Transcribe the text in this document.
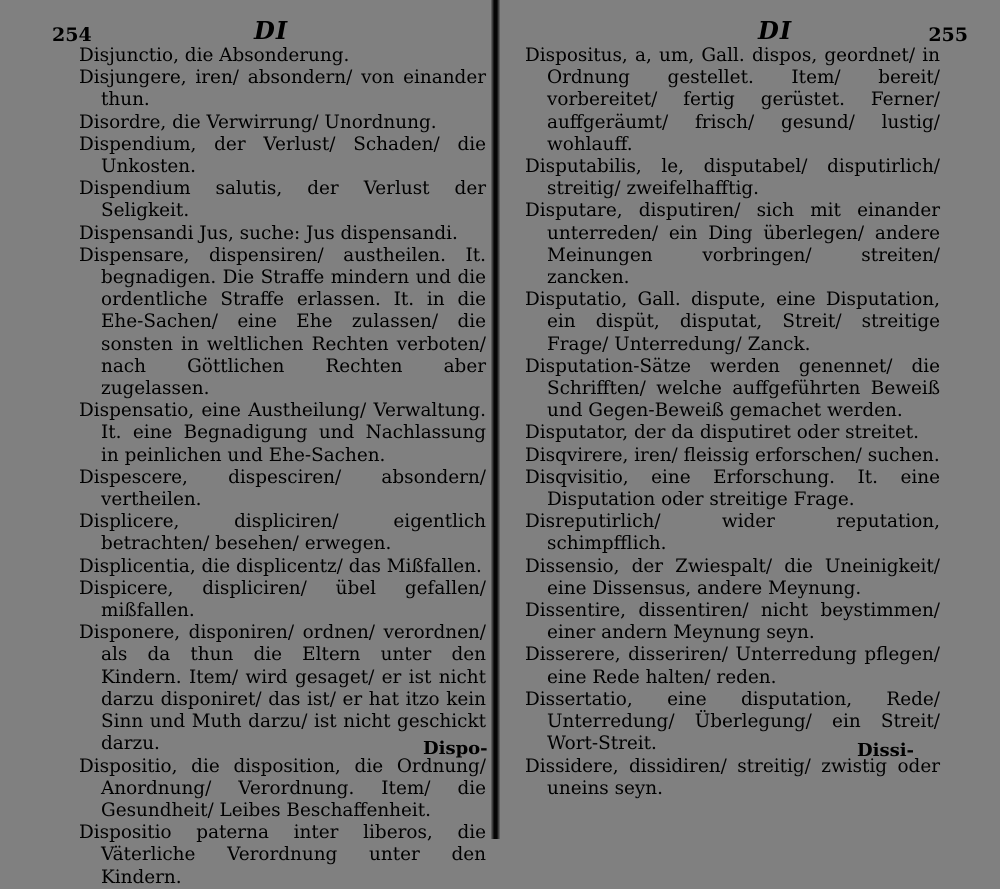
254	DI

Disjunctio, die Absonderung.

Disjungere, iren/ absondern/ von einander thun.

Disordre, die Verwirrung/ Unordnung.

Dispendium, der Verlust/ Schaden/ die Unkosten.

Dispendium salutis, der Verlust der Seligkeit.

Dispensandi Jus, suche: Jus dispensandi.

Dispensare, dispensiren/ austheilen. It. begnadigen. Die Straffe mindern und die ordentliche Straffe erlassen. It. in die Ehe-Sachen/ eine Ehe zulassen/ die sonsten in weltlichen Rechten verboten/ nach Göttlichen Rechten aber zugelassen.

Dispensatio, eine Austheilung/ Verwaltung. It. eine Begnadigung und Nachlassung in peinlichen und Ehe-Sachen.

Dispescere, dispesciren/ absondern/ vertheilen.

Displicere, displiciren/ eigentlich betrachten/ besehen/ erwegen.

Displicentia, die displicentz/ das Mißfallen.

Dispicere, displiciren/ übel gefallen/ mißfallen.

Disponere, disponiren/ ordnen/ verordnen/ als da thun die Eltern unter den Kindern. Item/ wird gesaget/ er ist nicht darzu disponiret/ das ist/ er hat itzo kein Sinn und Muth darzu/ ist nicht geschickt darzu.

Dispositio, die disposition, die Ordnung/ Anordnung/ Verordnung. Item/ die Gesundheit/ Leibes Beschaffenheit.

Dispositio paterna inter liberos, die Väterliche Verordnung unter den Kindern.

Dispo-
DI	255

Dispositus, a, um, Gall. dispos, geordnet/ in Ordnung gestellet. Item/ bereit/ vorbereitet/ fertig gerüstet. Ferner/ auffgeräumt/ frisch/ gesund/ lustig/ wohlauff.

Disputabilis, le, disputabel/ disputirlich/ streitig/ zweifelhafftig.

Disputare, disputiren/ sich mit einander unterreden/ ein Ding überlegen/ andere Meinungen vorbringen/ streiten/ zancken.

Disputatio, Gall. dispute, eine Disputation, ein dispüt, disputat, Streit/ streitige Frage/ Unterredung/ Zanck.

Disputation-Sätze werden genennet/ die Schrifften/ welche auffgeführten Beweiß und Gegen-Beweiß gemachet werden.

Disputator, der da disputiret oder streitet.

Disqvirere, iren/ fleissig erforschen/ suchen.

Disqvisitio, eine Erforschung. It. eine Disputation oder streitige Frage.

Disreputirlich/ wider reputation, schimpfflich.

Dissensio, der Zwiespalt/ die Uneinigkeit/ eine Dissensus, andere Meynung.

Dissentire, dissentiren/ nicht beystimmen/ einer andern Meynung seyn.

Disserere, disseriren/ Unterredung pflegen/ eine Rede halten/ reden.

Dissertatio, eine disputation, Rede/ Unterredung/ Überlegung/ ein Streit/ Wort-Streit.

Dissidere, dissidiren/ streitig/ zwistig oder uneins seyn.

Dissi-
